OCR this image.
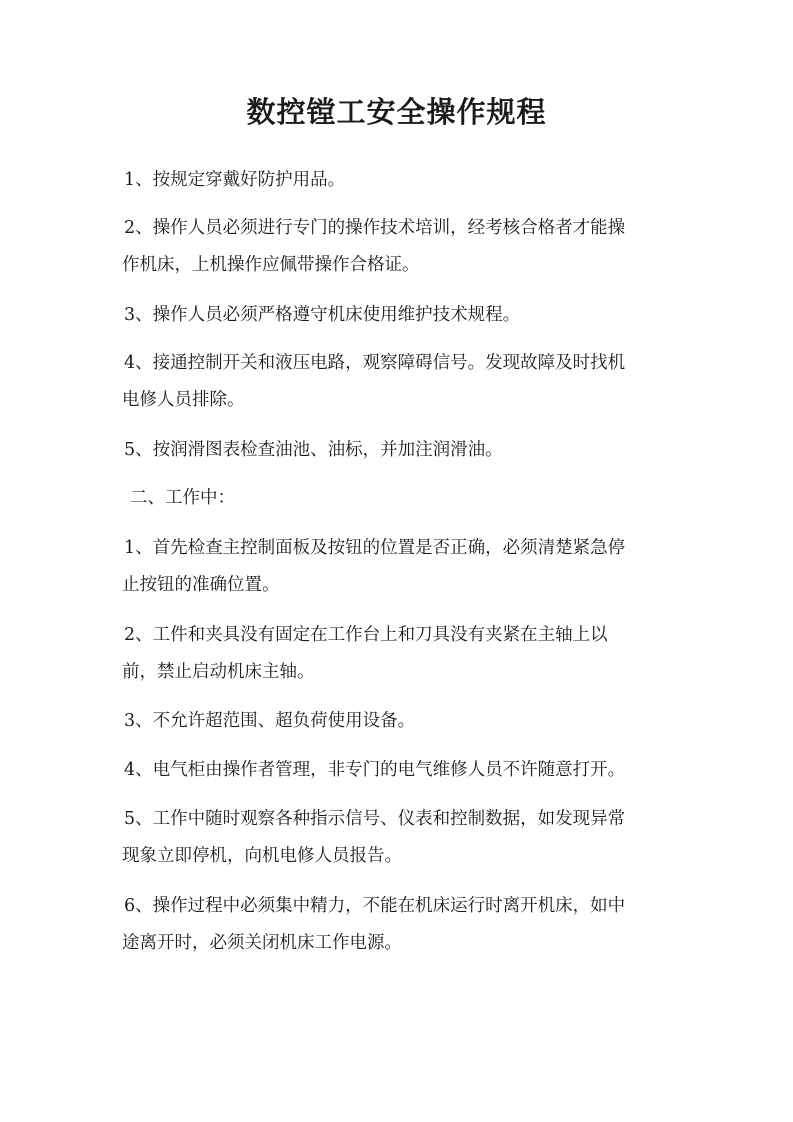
数控镗工安全操作规程

1、按规定穿戴好防护用品。

2、操作人员必须进行专门的操作技术培训，经考核合格者才能操

作机床，上机操作应佩带操作合格证。

3、操作人员必须严格遵守机床使用维护技术规程。

4、接通控制开关和液压电路，观察障碍信号。发现故障及时找机

电修人员排除。

5、按润滑图表检查油池、油标，并加注润滑油。

二、工作中：

1、首先检查主控制面板及按钮的位置是否正确，必须清楚紧急停

止按钮的准确位置。

2、工件和夹具没有固定在工作台上和刀具没有夹紧在主轴上以

前，禁止启动机床主轴。

3、不允许超范围、超负荷使用设备。

4、电气柜由操作者管理，非专门的电气维修人员不许随意打开。

5、工作中随时观察各种指示信号、仪表和控制数据，如发现异常

现象立即停机，向机电修人员报告。

6、操作过程中必须集中精力，不能在机床运行时离开机床，如中

途离开时，必须关闭机床工作电源。
